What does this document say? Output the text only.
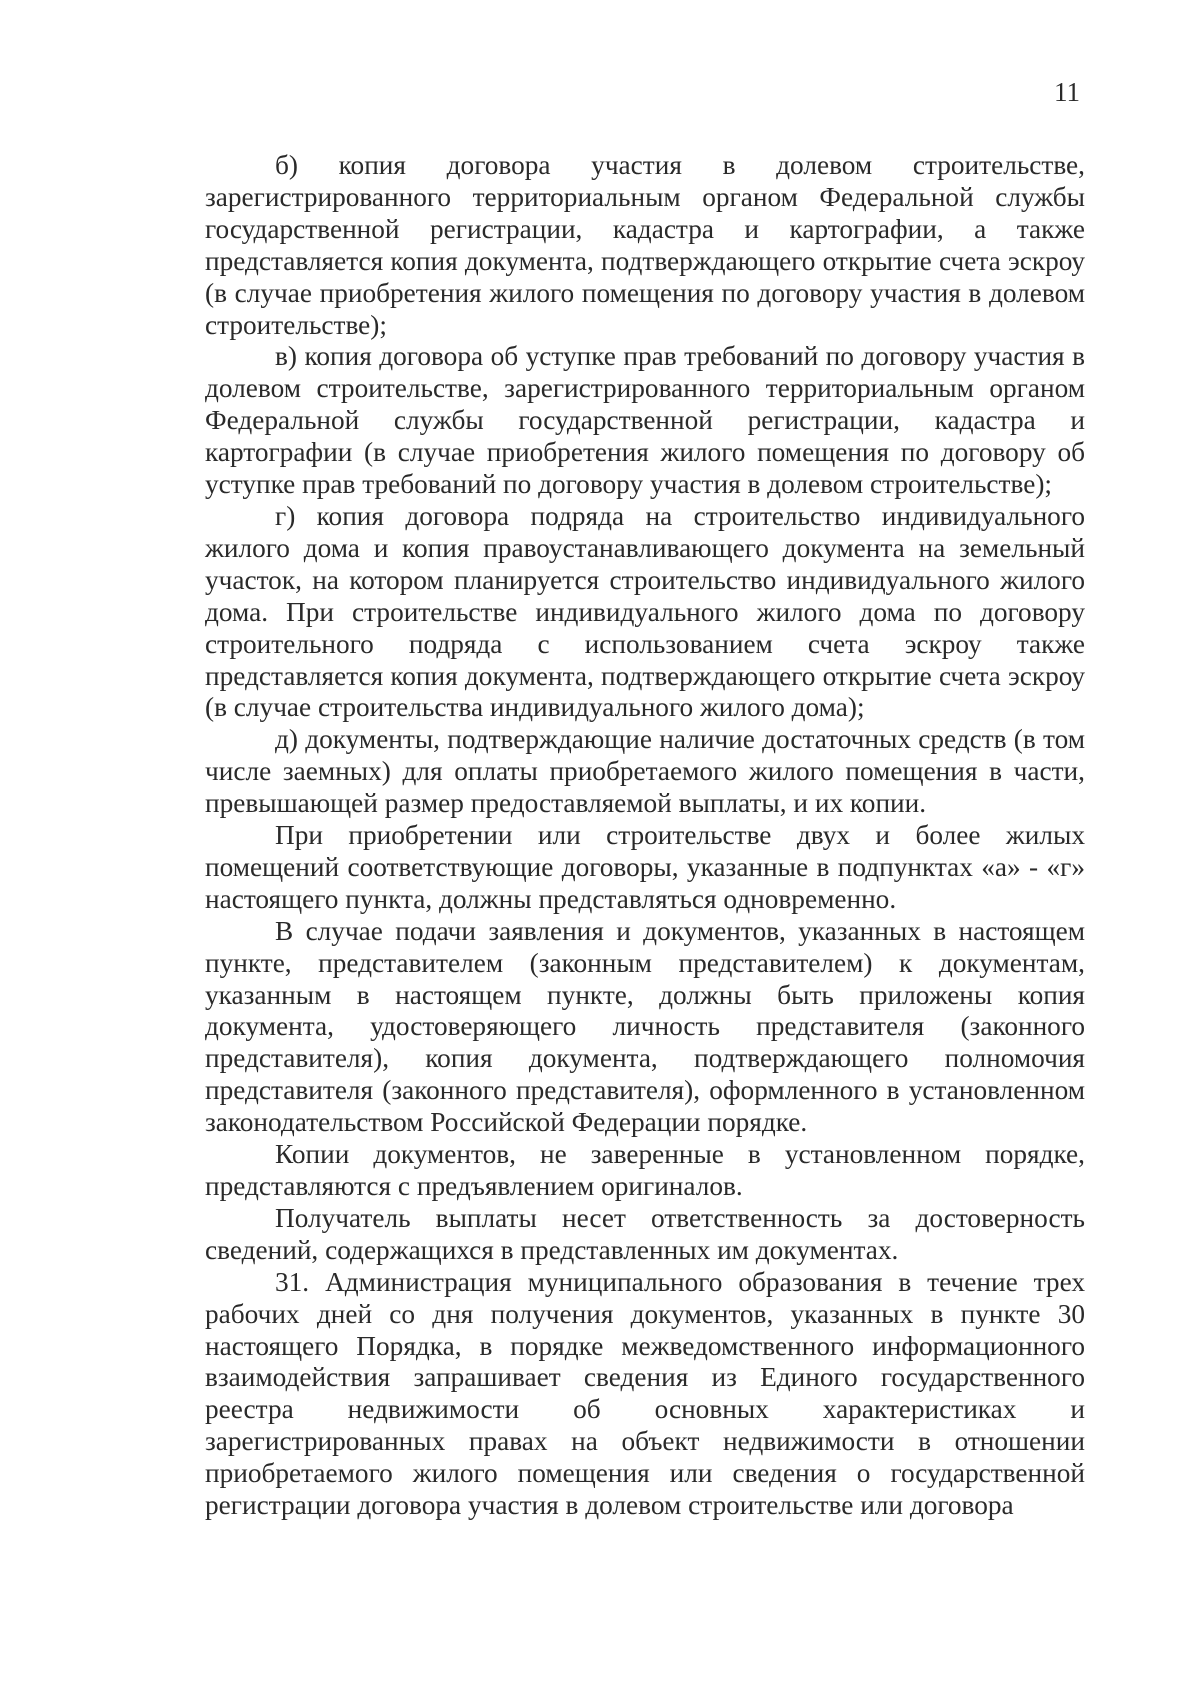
11

б) копия договора участия в долевом строительстве, зарегистрированного территориальным органом Федеральной службы государственной регистрации, кадастра и картографии, а также представляется копия документа, подтверждающего открытие счета эскроу (в случае приобретения жилого помещения по договору участия в долевом строительстве);

в) копия договора об уступке прав требований по договору участия в долевом строительстве, зарегистрированного территориальным органом Федеральной службы государственной регистрации, кадастра и картографии (в случае приобретения жилого помещения по договору об уступке прав требований по договору участия в долевом строительстве);

г) копия договора подряда на строительство индивидуального жилого дома и копия правоустанавливающего документа на земельный участок, на котором планируется строительство индивидуального жилого дома. При строительстве индивидуального жилого дома по договору строительного подряда с использованием счета эскроу также представляется копия документа, подтверждающего открытие счета эскроу (в случае строительства индивидуального жилого дома);

д) документы, подтверждающие наличие достаточных средств (в том числе заемных) для оплаты приобретаемого жилого помещения в части, превышающей размер предоставляемой выплаты, и их копии.

При приобретении или строительстве двух и более жилых помещений соответствующие договоры, указанные в подпунктах «а» - «г» настоящего пункта, должны представляться одновременно.

В случае подачи заявления и документов, указанных в настоящем пункте, представителем (законным представителем) к документам, указанным в настоящем пункте, должны быть приложены копия документа, удостоверяющего личность представителя (законного представителя), копия документа, подтверждающего полномочия представителя (законного представителя), оформленного в установленном законодательством Российской Федерации порядке.

Копии документов, не заверенные в установленном порядке, представляются с предъявлением оригиналов.

Получатель выплаты несет ответственность за достоверность сведений, содержащихся в представленных им документах.

31. Администрация муниципального образования в течение трех рабочих дней со дня получения документов, указанных в пункте 30 настоящего Порядка, в порядке межведомственного информационного взаимодействия запрашивает сведения из Единого государственного реестра недвижимости об основных характеристиках и зарегистрированных правах на объект недвижимости в отношении приобретаемого жилого помещения или сведения о государственной регистрации договора участия в долевом строительстве или договора
